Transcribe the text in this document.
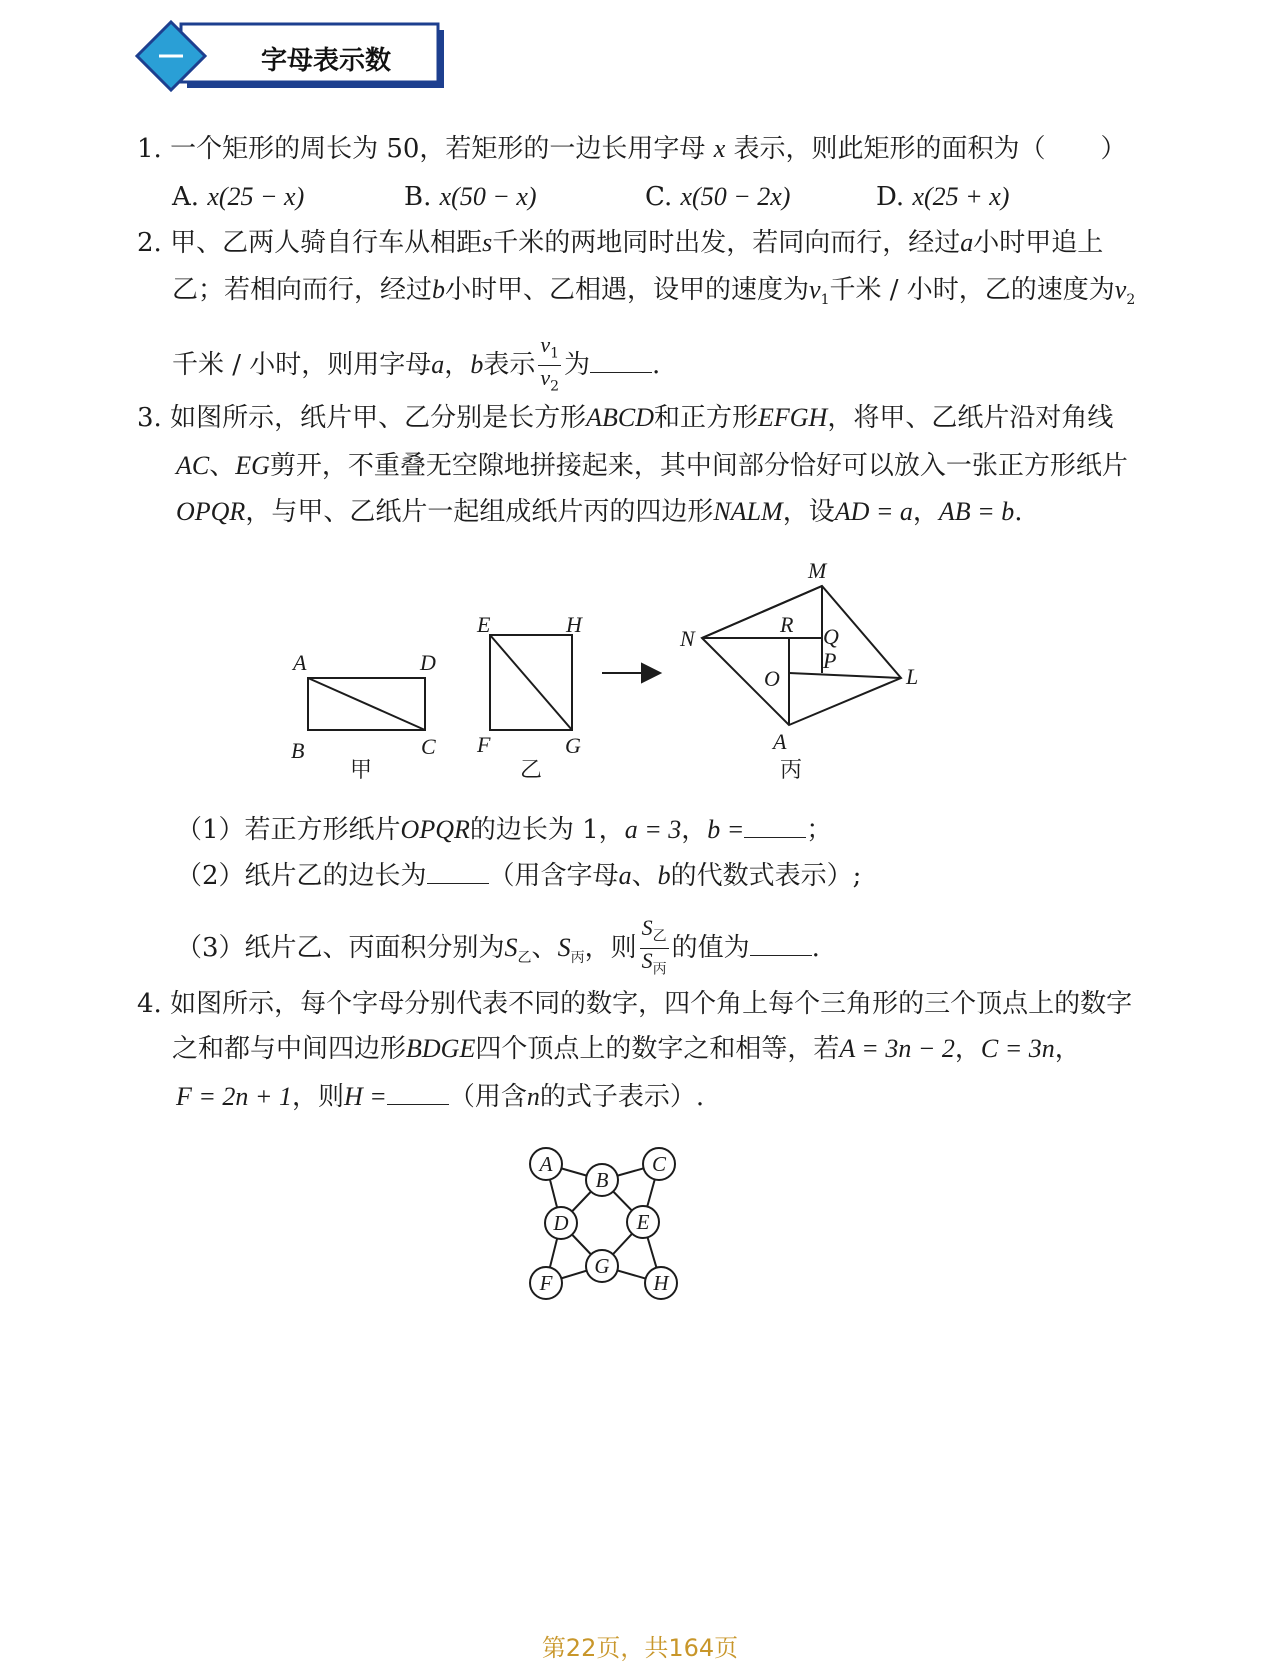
字母表示数
1. 一个矩形的周长为 50，若矩形的一边长用字母 x 表示，则此矩形的面积为（ ）
A. x(25 − x)	B. x(50 − x)	C. x(50 − 2x)	D. x(25 + x)
2. 甲、乙两人骑自行车从相距s千米的两地同时出发，若同向而行，经过a小时甲追上
乙；若相向而行，经过b小时甲、乙相遇，设甲的速度为$v_1$千米 / 小时，乙的速度为$v_2$
千米 / 小时，则用字母a，b表示 $\frac{v_1}{v_2}$ 为 .
3. 如图所示，纸片甲、乙分别是长方形ABCD和正方形EFGH，将甲、乙纸片沿对角线
AC、EG剪开，不重叠无空隙地拼接起来，其中间部分恰好可以放入一张正方形纸片
OPQR，与甲、乙纸片一起组成纸片丙的四边形NALM，设AD = a，AB = b.
A	D
B	C
E	H
F	G
M
N
R Q
P
O	L
A
甲	乙	丙
（1）若正方形纸片OPQR的边长为 1，a = 3，b = ；
（2）纸片乙的边长为 （用含字母a、b的代数式表示）;
（3）纸片乙、丙面积分别为$S_乙$、$S_丙$，则 $\frac{S_乙}{S_丙}$ 的值为 .
4. 如图所示，每个字母分别代表不同的数字，四个角上每个三角形的三个顶点上的数字
之和都与中间四边形BDGE四个顶点上的数字之和相等，若A = 3n − 2，C = 3n，
F = 2n + 1，则H = （用含n的式子表示）.
A
B
C
D	E
F
G
H
第22页，共164页
